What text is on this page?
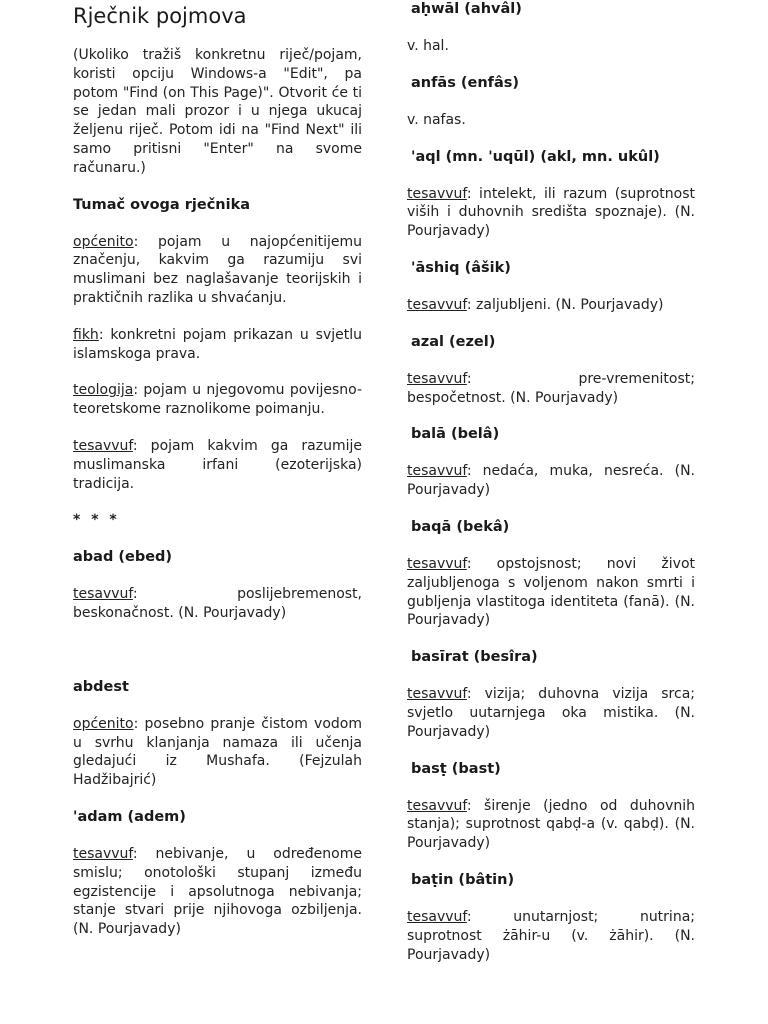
Rječnik pojmova

(Ukoliko tražiš konkretnu riječ/pojam, koristi opciju Windows-a "Edit", pa potom "Find (on This Page)". Otvorit će ti se jedan mali prozor i u njega ukucaj željenu riječ. Potom idi na "Find Next" ili samo pritisni "Enter" na svome računaru.)

Tumač ovoga rječnika

općenito: pojam u najopćenitijemu značenju, kakvim ga razumiju svi muslimani bez naglašavanje teorijskih i praktičnih razlika u shvaćanju.

fikh: konkretni pojam prikazan u svjetlu islamskoga prava.

teologija: pojam u njegovomu povijesno-teoretskome raznolikome poimanju.

tesavvuf: pojam kakvim ga razumije muslimanska irfani (ezoterijska) tradicija.

* * *
abad (ebed)

tesavvuf: poslijebremenost, beskonačnost. (N. Pourjavady)

abdest

općenito: posebno pranje čistom vodom u svrhu klanjanja namaza ili učenja gledajući iz Mushafa. (Fejzulah Hadžibajrić)

'adam (adem)

tesavvuf: nebivanje, u određenome smislu; onotološki stupanj između egzistencije i apsolutnoga nebivanja; stanje stvari prije njihovoga ozbiljenja. (N. Pourjavady)

aḥwāl (ahvâl)

v. hal.

anfās (enfâs)

v. nafas.

'aql (mn. 'uqūl) (akl, mn. ukûl)

tesavvuf: intelekt, ili razum (suprotnost viših i duhovnih središta spoznaje). (N. Pourjavady)

'āshiq (âšik)

tesavvuf: zaljubljeni. (N. Pourjavady)

azal (ezel)

tesavvuf: pre-vremenitost; bespočetnost. (N. Pourjavady)

balā (belâ)

tesavvuf: nedaća, muka, nesreća. (N. Pourjavady)

baqā (bekâ)

tesavvuf: opstojsnost; novi život zaljubljenoga s voljenom nakon smrti i gubljenja vlastitoga identiteta (fanā). (N. Pourjavady)

basīrat (besîra)

tesavvuf: vizija; duhovna vizija srca; svjetlo uutarnjega oka mistika. (N. Pourjavady)

basṭ (bast)

tesavvuf: širenje (jedno od duhovnih stanja); suprotnost qabḍ-a (v. qabḍ). (N. Pourjavady)

baṭin (bâtin)

tesavvuf: unutarnjost; nutrina; suprotnost żāhir-u (v. żāhir). (N. Pourjavady)
